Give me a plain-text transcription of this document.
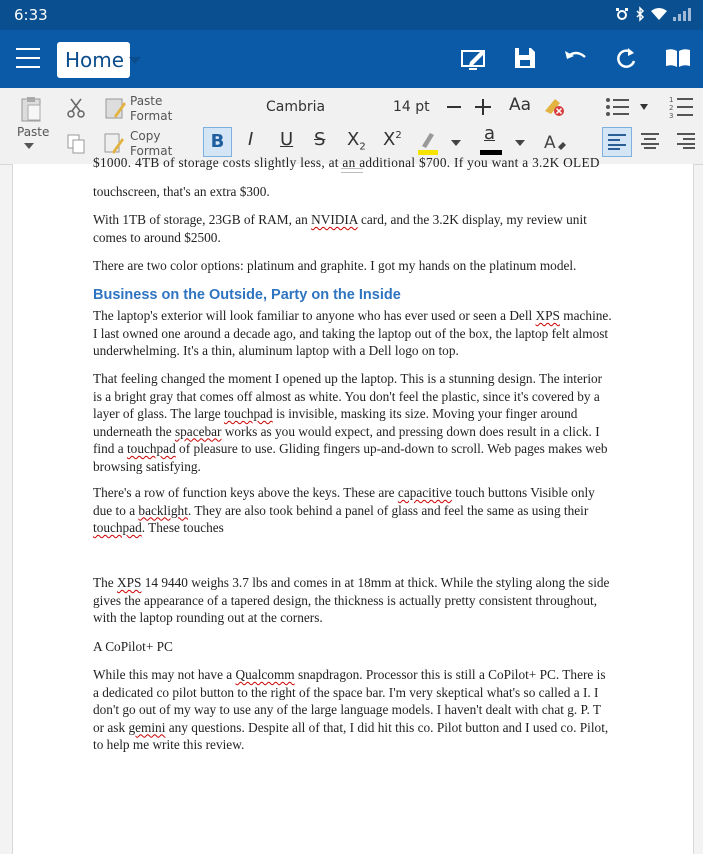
6:33
Home
Paste
Paste
Format
Copy
Format
Cambria	14 pt	Aa
B	I U S $X_2$ $X^2$	a	A
1
2
3
$1000. 4TB of storage costs slightly less, at an additional $700. If you want a 3.2K OLED

touchscreen, that's an extra $300.

With 1TB of storage, 23GB of RAM, an NVIDIA card, and the 3.2K display, my review unit comes to around $2500.

There are two color options: platinum and graphite. I got my hands on the platinum model.

Business on the Outside, Party on the Inside

The laptop's exterior will look familiar to anyone who has ever used or seen a Dell XPS machine. I last owned one around a decade ago, and taking the laptop out of the box, the laptop felt almost underwhelming. It's a thin, aluminum laptop with a Dell logo on top.

That feeling changed the moment I opened up the laptop. This is a stunning design. The interior is a bright gray that comes off almost as white. You don't feel the plastic, since it's covered by a layer of glass. The large touchpad is invisible, masking its size. Moving your finger around underneath the spacebar works as you would expect, and pressing down does result in a click. I find a touchpad of pleasure to use. Gliding fingers up-and-down to scroll. Web pages makes web browsing satisfying.

There's a row of function keys above the keys. These are capacitive touch buttons Visible only due to a backlight. They are also took behind a panel of glass and feel the same as using their touchpad. These touches

The XPS 14 9440 weighs 3.7 lbs and comes in at 18mm at thick. While the styling along the side gives the appearance of a tapered design, the thickness is actually pretty consistent throughout, with the laptop rounding out at the corners.

A CoPilot+ PC

While this may not have a Qualcomm snapdragon. Processor this is still a CoPilot+ PC. There is a dedicated co pilot button to the right of the space bar. I'm very skeptical what's so called a I. I don't go out of my way to use any of the large language models. I haven't dealt with chat g. P. T or ask gemini any questions. Despite all of that, I did hit this co. Pilot button and I used co. Pilot, to help me write this review.
